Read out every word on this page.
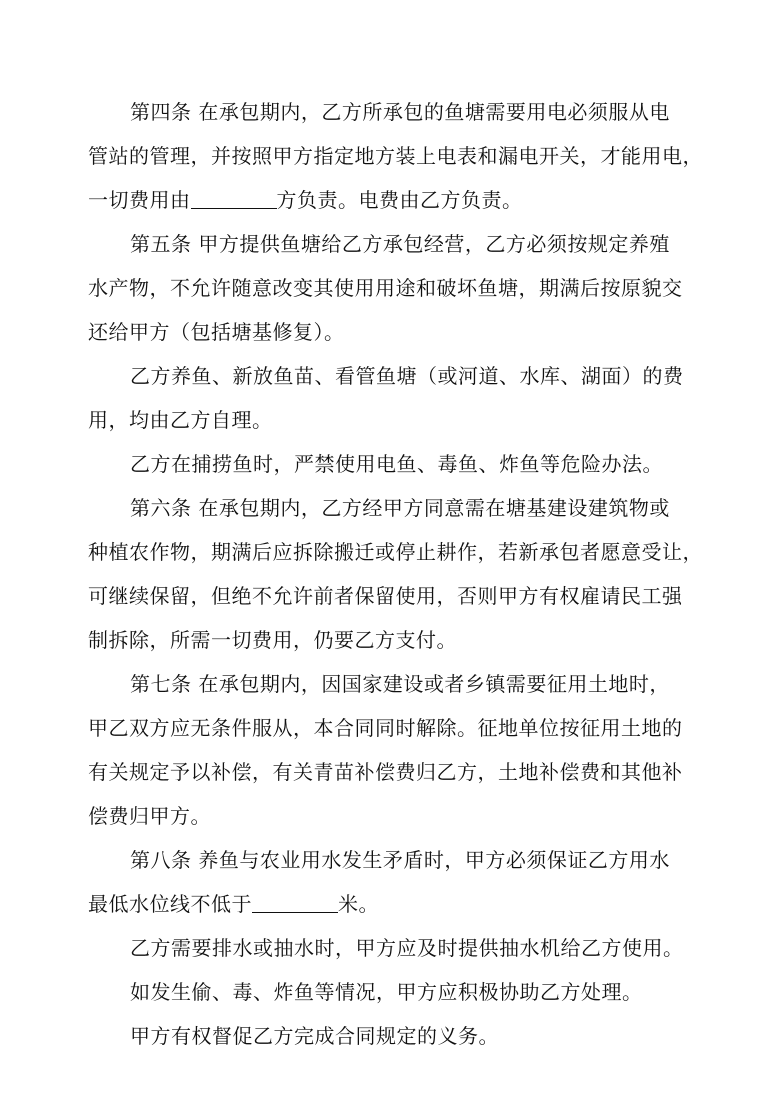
第四条 在承包期内，乙方所承包的鱼塘需要用电必须服从电
管站的管理，并按照甲方指定地方装上电表和漏电开关，才能用电，
一切费用由	方负责。电费由乙方负责。
第五条 甲方提供鱼塘给乙方承包经营，乙方必须按规定养殖
水产物，不允许随意改变其使用用途和破坏鱼塘，期满后按原貌交
还给甲方（包括塘基修复）。
乙方养鱼、新放鱼苗、看管鱼塘（或河道、水库、湖面）的费
用，均由乙方自理。
乙方在捕捞鱼时，严禁使用电鱼、毒鱼、炸鱼等危险办法。
第六条 在承包期内，乙方经甲方同意需在塘基建设建筑物或
种植农作物，期满后应拆除搬迁或停止耕作，若新承包者愿意受让，
可继续保留，但绝不允许前者保留使用，否则甲方有权雇请民工强
制拆除，所需一切费用，仍要乙方支付。
第七条 在承包期内，因国家建设或者乡镇需要征用土地时，
甲乙双方应无条件服从，本合同同时解除。征地单位按征用土地的
有关规定予以补偿，有关青苗补偿费归乙方，土地补偿费和其他补
偿费归甲方。
第八条 养鱼与农业用水发生矛盾时，甲方必须保证乙方用水
最低水位线不低于	米。
乙方需要排水或抽水时，甲方应及时提供抽水机给乙方使用。
如发生偷、毒、炸鱼等情况，甲方应积极协助乙方处理。
甲方有权督促乙方完成合同规定的义务。
